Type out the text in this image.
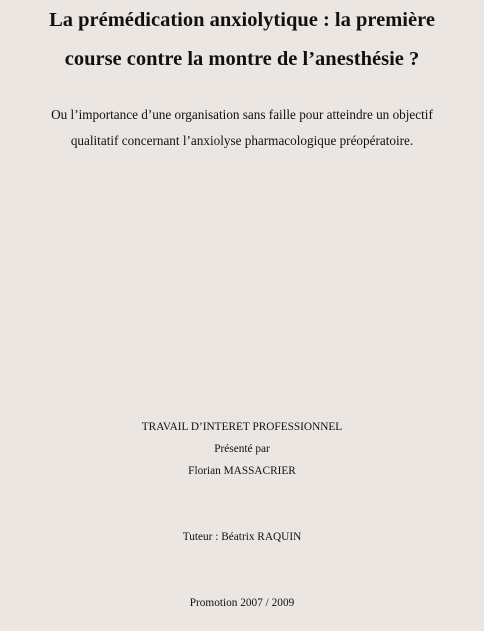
La prémédication anxiolytique : la première
course contre la montre de l’anesthésie ?

Ou l’importance d’une organisation sans faille pour atteindre un objectif

qualitatif concernant l’anxiolyse pharmacologique préopératoire.

TRAVAIL D’INTERET PROFESSIONNEL

Présenté par

Florian MASSACRIER

Tuteur : Béatrix RAQUIN

Promotion 2007 / 2009
